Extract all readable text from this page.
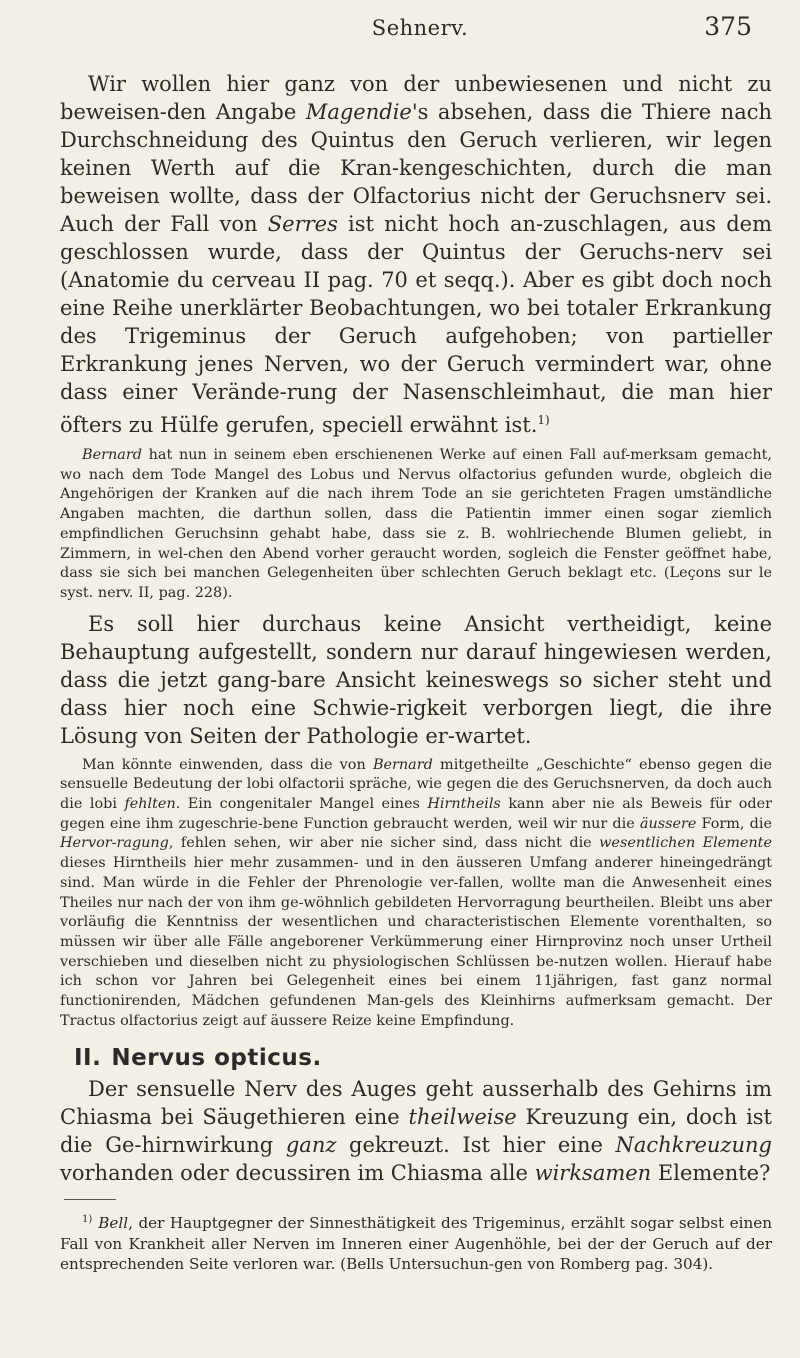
Sehnerv.	375

Wir wollen hier ganz von der unbewiesenen und nicht zu beweisen-den Angabe Magendie's absehen, dass die Thiere nach Durchschneidung des Quintus den Geruch verlieren, wir legen keinen Werth auf die Kran-kengeschichten, durch die man beweisen wollte, dass der Olfactorius nicht der Geruchsnerv sei. Auch der Fall von Serres ist nicht hoch an-zuschlagen, aus dem geschlossen wurde, dass der Quintus der Geruchs-nerv sei (Anatomie du cerveau II pag. 70 et seqq.). Aber es gibt doch noch eine Reihe unerklärter Beobachtungen, wo bei totaler Erkrankung des Trigeminus der Geruch aufgehoben; von partieller Erkrankung jenes Nerven, wo der Geruch vermindert war, ohne dass einer Verände-rung der Nasenschleimhaut, die man hier öfters zu Hülfe gerufen, speciell erwähnt ist.$^{1)}$

Bernard hat nun in seinem eben erschienenen Werke auf einen Fall auf-merksam gemacht, wo nach dem Tode Mangel des Lobus und Nervus olfactorius gefunden wurde, obgleich die Angehörigen der Kranken auf die nach ihrem Tode an sie gerichteten Fragen umständliche Angaben machten, die darthun sollen, dass die Patientin immer einen sogar ziemlich empfindlichen Geruchsinn gehabt habe, dass sie z. B. wohlriechende Blumen geliebt, in Zimmern, in wel-chen den Abend vorher geraucht worden, sogleich die Fenster geöffnet habe, dass sie sich bei manchen Gelegenheiten über schlechten Geruch beklagt etc. (Leçons sur le syst. nerv. II, pag. 228).

Es soll hier durchaus keine Ansicht vertheidigt, keine Behauptung aufgestellt, sondern nur darauf hingewiesen werden, dass die jetzt gang-bare Ansicht keineswegs so sicher steht und dass hier noch eine Schwie-rigkeit verborgen liegt, die ihre Lösung von Seiten der Pathologie er-wartet.

Man könnte einwenden, dass die von Bernard mitgetheilte „Geschichte“ ebenso gegen die sensuelle Bedeutung der lobi olfactorii spräche, wie gegen die des Geruchsnerven, da doch auch die lobi fehlten. Ein congenitaler Mangel eines Hirntheils kann aber nie als Beweis für oder gegen eine ihm zugeschrie-bene Function gebraucht werden, weil wir nur die äussere Form, die Hervor-ragung, fehlen sehen, wir aber nie sicher sind, dass nicht die wesentlichen Elemente dieses Hirntheils hier mehr zusammen- und in den äusseren Umfang anderer hineingedrängt sind. Man würde in die Fehler der Phrenologie ver-fallen, wollte man die Anwesenheit eines Theiles nur nach der von ihm ge-wöhnlich gebildeten Hervorragung beurtheilen. Bleibt uns aber vorläufig die Kenntniss der wesentlichen und characteristischen Elemente vorenthalten, so müssen wir über alle Fälle angeborener Verkümmerung einer Hirnprovinz noch unser Urtheil verschieben und dieselben nicht zu physiologischen Schlüssen be-nutzen wollen. Hierauf habe ich schon vor Jahren bei Gelegenheit eines bei einem 11jährigen, fast ganz normal functionirenden, Mädchen gefundenen Man-gels des Kleinhirns aufmerksam gemacht. Der Tractus olfactorius zeigt auf äussere Reize keine Empfindung.

II. Nervus opticus.

Der sensuelle Nerv des Auges geht ausserhalb des Gehirns im Chiasma bei Säugethieren eine theilweise Kreuzung ein, doch ist die Ge-hirnwirkung ganz gekreuzt. Ist hier eine Nachkreuzung vorhanden oder decussiren im Chiasma alle wirksamen Elemente?

$^{1)}$ Bell, der Hauptgegner der Sinnesthätigkeit des Trigeminus, erzählt sogar selbst einen Fall von Krankheit aller Nerven im Inneren einer Augenhöhle, bei der der Geruch auf der entsprechenden Seite verloren war. (Bells Untersuchun-gen von Romberg pag. 304).
